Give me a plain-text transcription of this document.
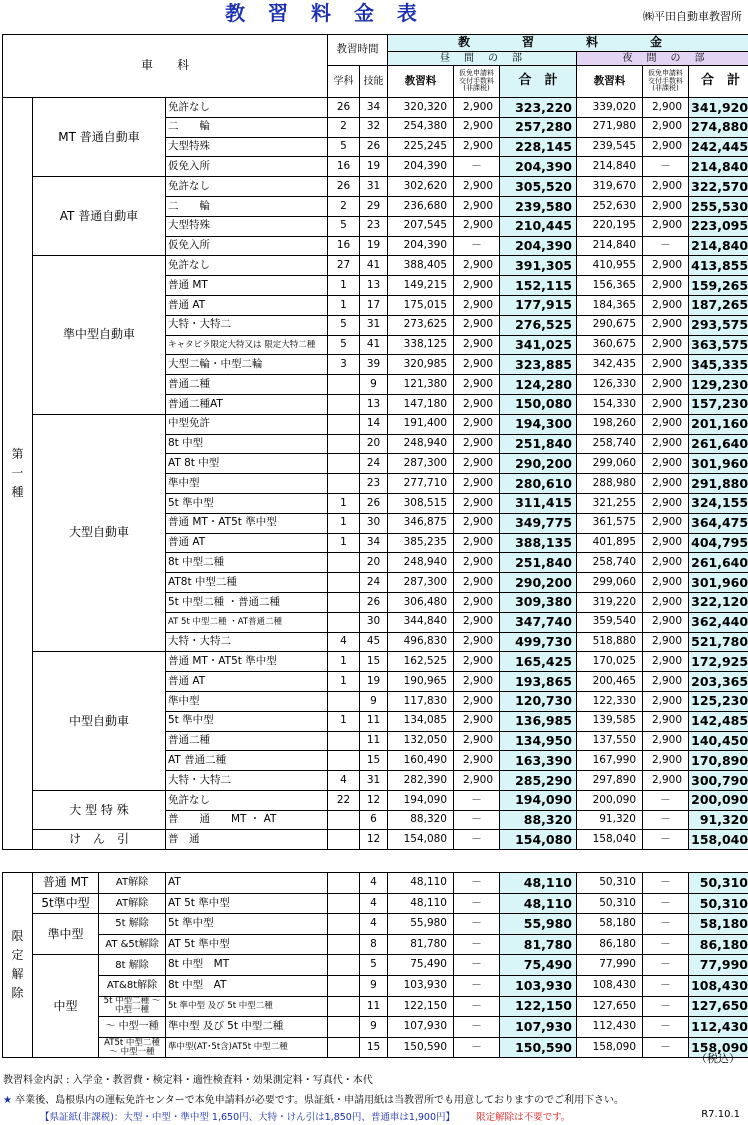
教 習 料 金 表	㈱平田自動車教習所
車　　科			教習時間		教　習　料　金					
					昼　間　の　部			夜　間　の　部		
			学科	技能	教習料	仮免申請料 交付手数料 (非課税)	合　計	教習料	仮免申請料 交付手数料 (非課税)	合　計
第 一 種	MT 普通自動車	免許なし	26	34	320,320	2,900	323,220	339,020	2,900	341,920
		二　　輪	2	32	254,380	2,900	257,280	271,980	2,900	274,880
		大型特殊	5	26	225,245	2,900	228,145	239,545	2,900	242,445
		仮免入所	16	19	204,390	－	204,390	214,840	－	214,840
	AT 普通自動車	免許なし	26	31	302,620	2,900	305,520	319,670	2,900	322,570
		二　　輪	2	29	236,680	2,900	239,580	252,630	2,900	255,530
		大型特殊	5	23	207,545	2,900	210,445	220,195	2,900	223,095
		仮免入所	16	19	204,390	－	204,390	214,840	－	214,840
	準中型自動車	免許なし	27	41	388,405	2,900	391,305	410,955	2,900	413,855
		普通 MT	1	13	149,215	2,900	152,115	156,365	2,900	159,265
		普通 AT	1	17	175,015	2,900	177,915	184,365	2,900	187,265
		大特・大特二	5	31	273,625	2,900	276,525	290,675	2,900	293,575
		キャタピラ限定大特又は 限定大特二種	5	41	338,125	2,900	341,025	360,675	2,900	363,575
		大型二輪・中型二輪	3	39	320,985	2,900	323,885	342,435	2,900	345,335
		普通二種		9	121,380	2,900	124,280	126,330	2,900	129,230
		普通二種AT		13	147,180	2,900	150,080	154,330	2,900	157,230
	大型自動車	中型免許		14	191,400	2,900	194,300	198,260	2,900	201,160
		8t 中型		20	248,940	2,900	251,840	258,740	2,900	261,640
		AT 8t 中型		24	287,300	2,900	290,200	299,060	2,900	301,960
		準中型		23	277,710	2,900	280,610	288,980	2,900	291,880
		5t 準中型	1	26	308,515	2,900	311,415	321,255	2,900	324,155
		普通 MT・AT5t 準中型	1	30	346,875	2,900	349,775	361,575	2,900	364,475
		普通 AT	1	34	385,235	2,900	388,135	401,895	2,900	404,795
		8t 中型二種		20	248,940	2,900	251,840	258,740	2,900	261,640
		AT8t 中型二種		24	287,300	2,900	290,200	299,060	2,900	301,960
		5t 中型二種 ・普通二種		26	306,480	2,900	309,380	319,220	2,900	322,120
		AT 5t 中型二種 ・AT普通二種		30	344,840	2,900	347,740	359,540	2,900	362,440
		大特・大特二	4	45	496,830	2,900	499,730	518,880	2,900	521,780
	中型自動車	普通 MT・AT5t 準中型	1	15	162,525	2,900	165,425	170,025	2,900	172,925
		普通 AT	1	19	190,965	2,900	193,865	200,465	2,900	203,365
		準中型		9	117,830	2,900	120,730	122,330	2,900	125,230
		5t 準中型	1	11	134,085	2,900	136,985	139,585	2,900	142,485
		普通二種		11	132,050	2,900	134,950	137,550	2,900	140,450
		AT 普通二種		15	160,490	2,900	163,390	167,990	2,900	170,890
		大特・大特二	4	31	282,390	2,900	285,290	297,890	2,900	300,790
	大 型 特 殊	免許なし	22	12	194,090	－	194,090	200,090	－	200,090
		普　　通　　MT ・ AT		6	88,320	－	88,320	91,320	－	91,320
	け　ん　引	普　通		12	154,080	－	154,080	158,040	－	158,040
限 定 解 除	普通 MT	AT解除	AT		4	48,110	－	48,110	50,310	－	50,310
	5t準中型	AT解除	AT 5t 準中型		4	48,110	－	48,110	50,310	－	50,310
	準中型	5t 解除	5t 準中型		4	55,980	－	55,980	58,180	－	58,180
		AT &5t解除	AT 5t 準中型		8	81,780	－	81,780	86,180	－	86,180
	中型	8t 解除	8t 中型　MT		5	75,490	－	75,490	77,990	－	77,990
		AT&8t解除	8t 中型　AT		9	103,930	－	103,930	108,430	－	108,430
		5t 中型二種 ～ 中型一種	5t 準中型 及び 5t 中型二種		11	122,150	－	122,150	127,650	－	127,650
		～ 中型一種	準中型 及び 5t 中型二種		9	107,930	－	107,930	112,430	－	112,430
		AT5t 中型二種 ～ 中型一種	準中型(AT･5t含)AT5t 中型二種		15	150,590	－	150,590	158,090	－	158,090
（税込）
教習料金内訳 : 入学金・教習費・検定料・適性検査料・効果測定料・写真代・本代
★ 卒業後、島根県内の運転免許センターで本免申請料が必要です。県証紙・申請用紙は当教習所でも用意しておりますのでご利用下さい。
【県証紙(非課税)：大型・中型・準中型 1,650円、大特・けん引は1,850円、普通車は1,900円】 限定解除は不要です。	R7.10.1
